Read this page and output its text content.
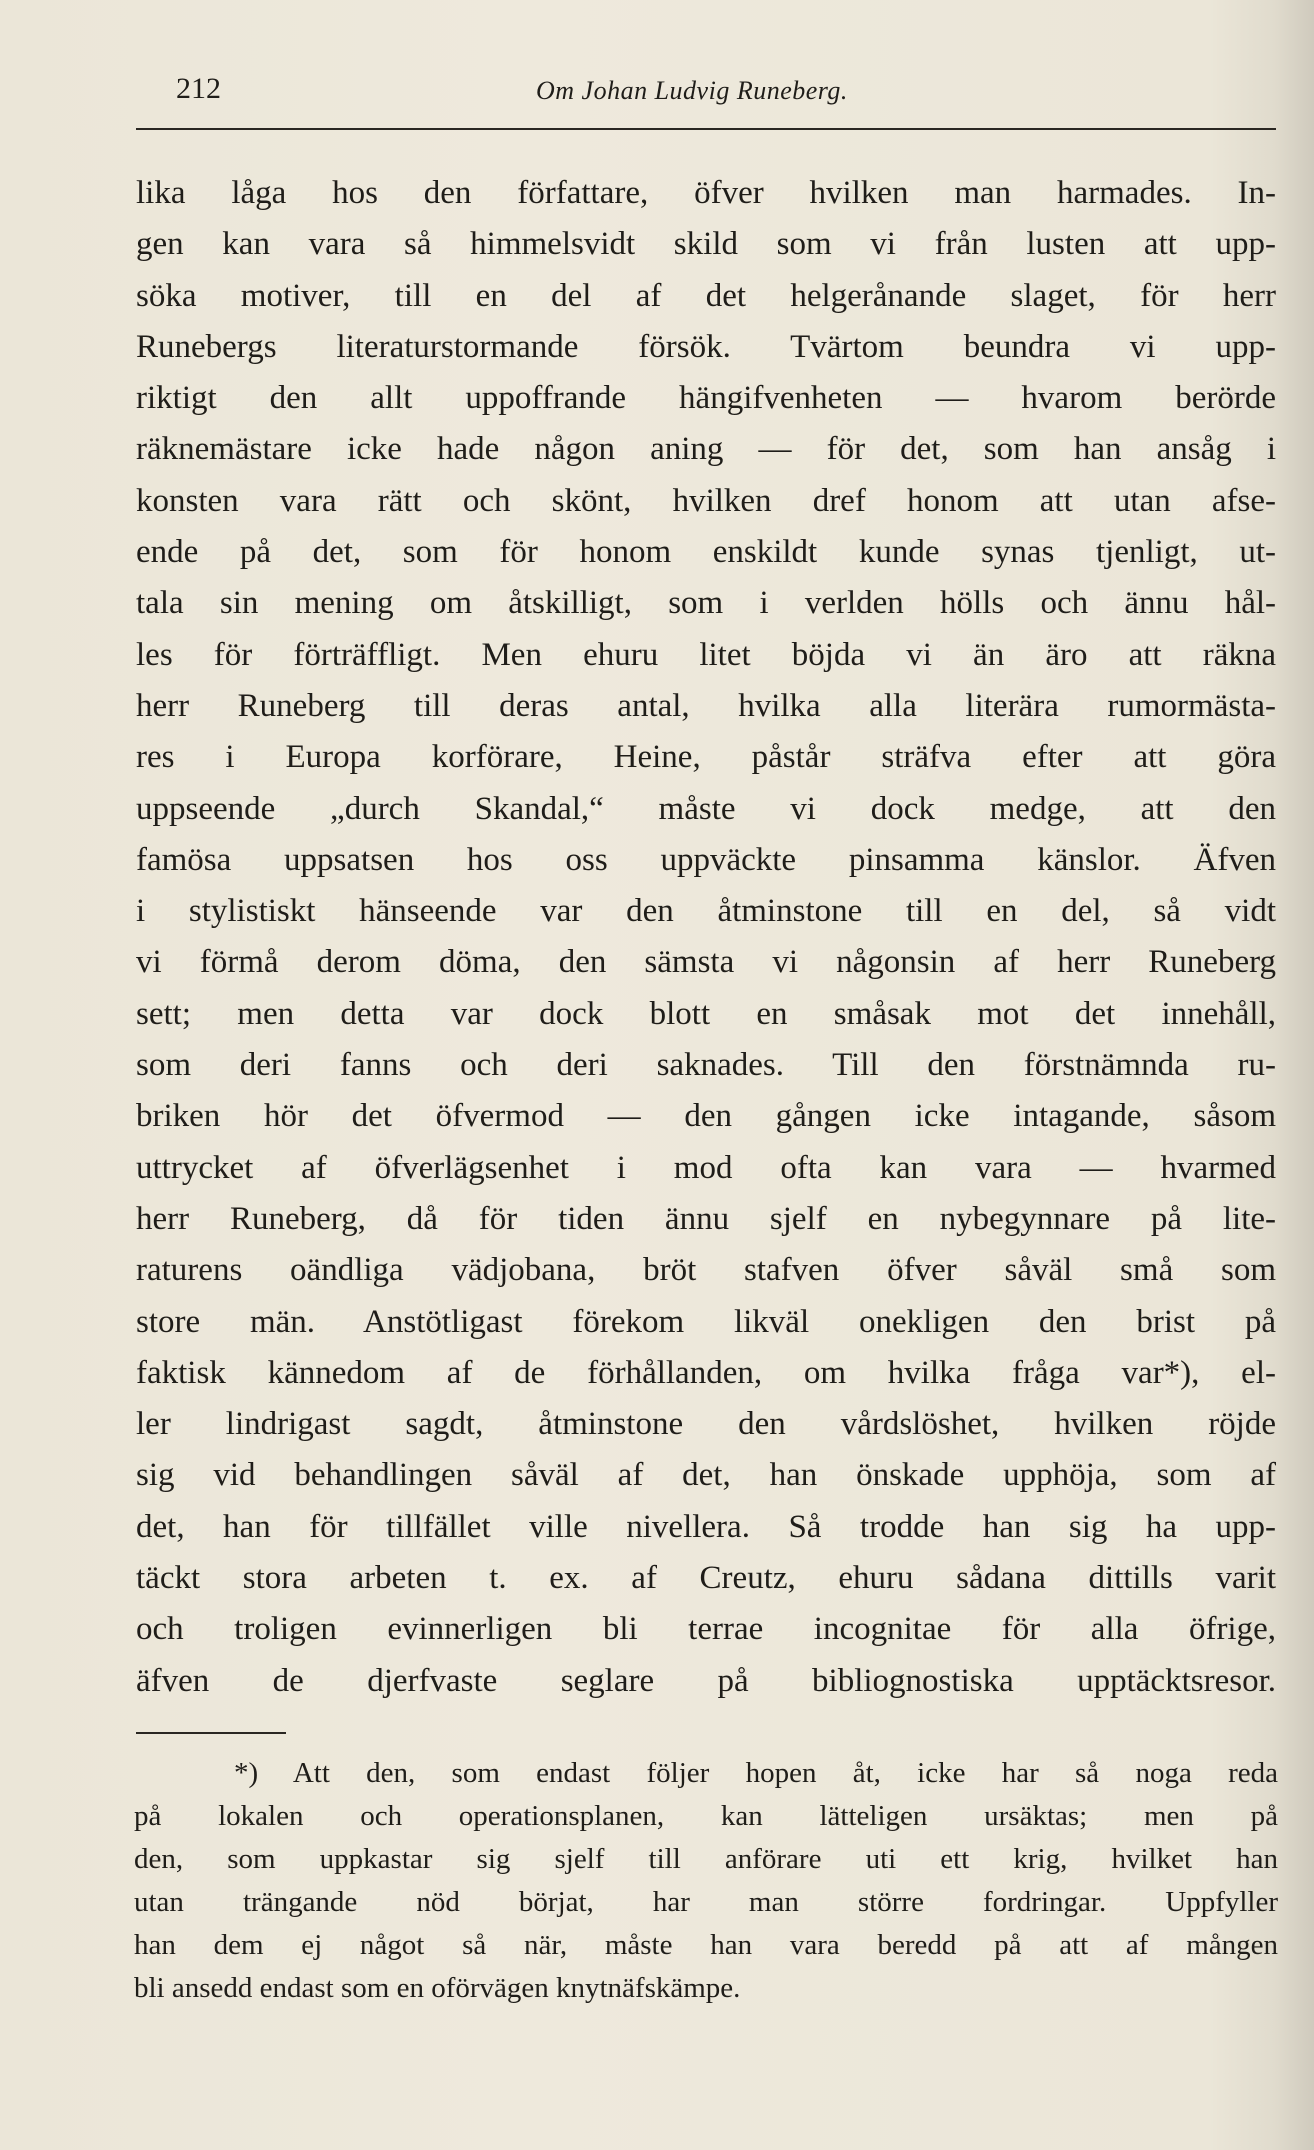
212	Om Johan Ludvig Runeberg.
lika låga hos den författare, öfver hvilken man harmades. In-
gen kan vara så himmelsvidt skild som vi från lusten att upp-
söka motiver, till en del af det helgerånande slaget, för herr
Runebergs literaturstormande försök. Tvärtom beundra vi upp-
riktigt den allt uppoffrande hängifvenheten — hvarom berörde
räknemästare icke hade någon aning — för det, som han ansåg i
konsten vara rätt och skönt, hvilken dref honom att utan afse-
ende på det, som för honom enskildt kunde synas tjenligt, ut-
tala sin mening om åtskilligt, som i verlden hölls och ännu hål-
les för förträffligt. Men ehuru litet böjda vi än äro att räkna
herr Runeberg till deras antal, hvilka alla literära rumormästa-
res i Europa korförare, Heine, påstår sträfva efter att göra
uppseende „durch Skandal,“ måste vi dock medge, att den
famösa uppsatsen hos oss uppväckte pinsamma känslor. Äfven
i stylistiskt hänseende var den åtminstone till en del, så vidt
vi förmå derom döma, den sämsta vi någonsin af herr Runeberg
sett; men detta var dock blott en småsak mot det innehåll,
som deri fanns och deri saknades. Till den förstnämnda ru-
briken hör det öfvermod — den gången icke intagande, såsom
uttrycket af öfverlägsenhet i mod ofta kan vara — hvarmed
herr Runeberg, då för tiden ännu sjelf en nybegynnare på lite-
raturens oändliga vädjobana, bröt stafven öfver såväl små som
store män. Anstötligast förekom likväl onekligen den brist på
faktisk kännedom af de förhållanden, om hvilka fråga var*), el-
ler lindrigast sagdt, åtminstone den vårdslöshet, hvilken röjde
sig vid behandlingen såväl af det, han önskade upphöja, som af
det, han för tillfället ville nivellera. Så trodde han sig ha upp-
täckt stora arbeten t. ex. af Creutz, ehuru sådana dittills varit
och troligen evinnerligen bli terrae incognitae för alla öfrige,
äfven de djerfvaste seglare på bibliognostiska upptäcktsresor.
*) Att den, som endast följer hopen åt, icke har så noga reda
på lokalen och operationsplanen, kan lätteligen ursäktas; men på
den, som uppkastar sig sjelf till anförare uti ett krig, hvilket han
utan trängande nöd börjat, har man större fordringar. Uppfyller
han dem ej något så när, måste han vara beredd på att af mången
bli ansedd endast som en oförvägen knytnäfskämpe.
